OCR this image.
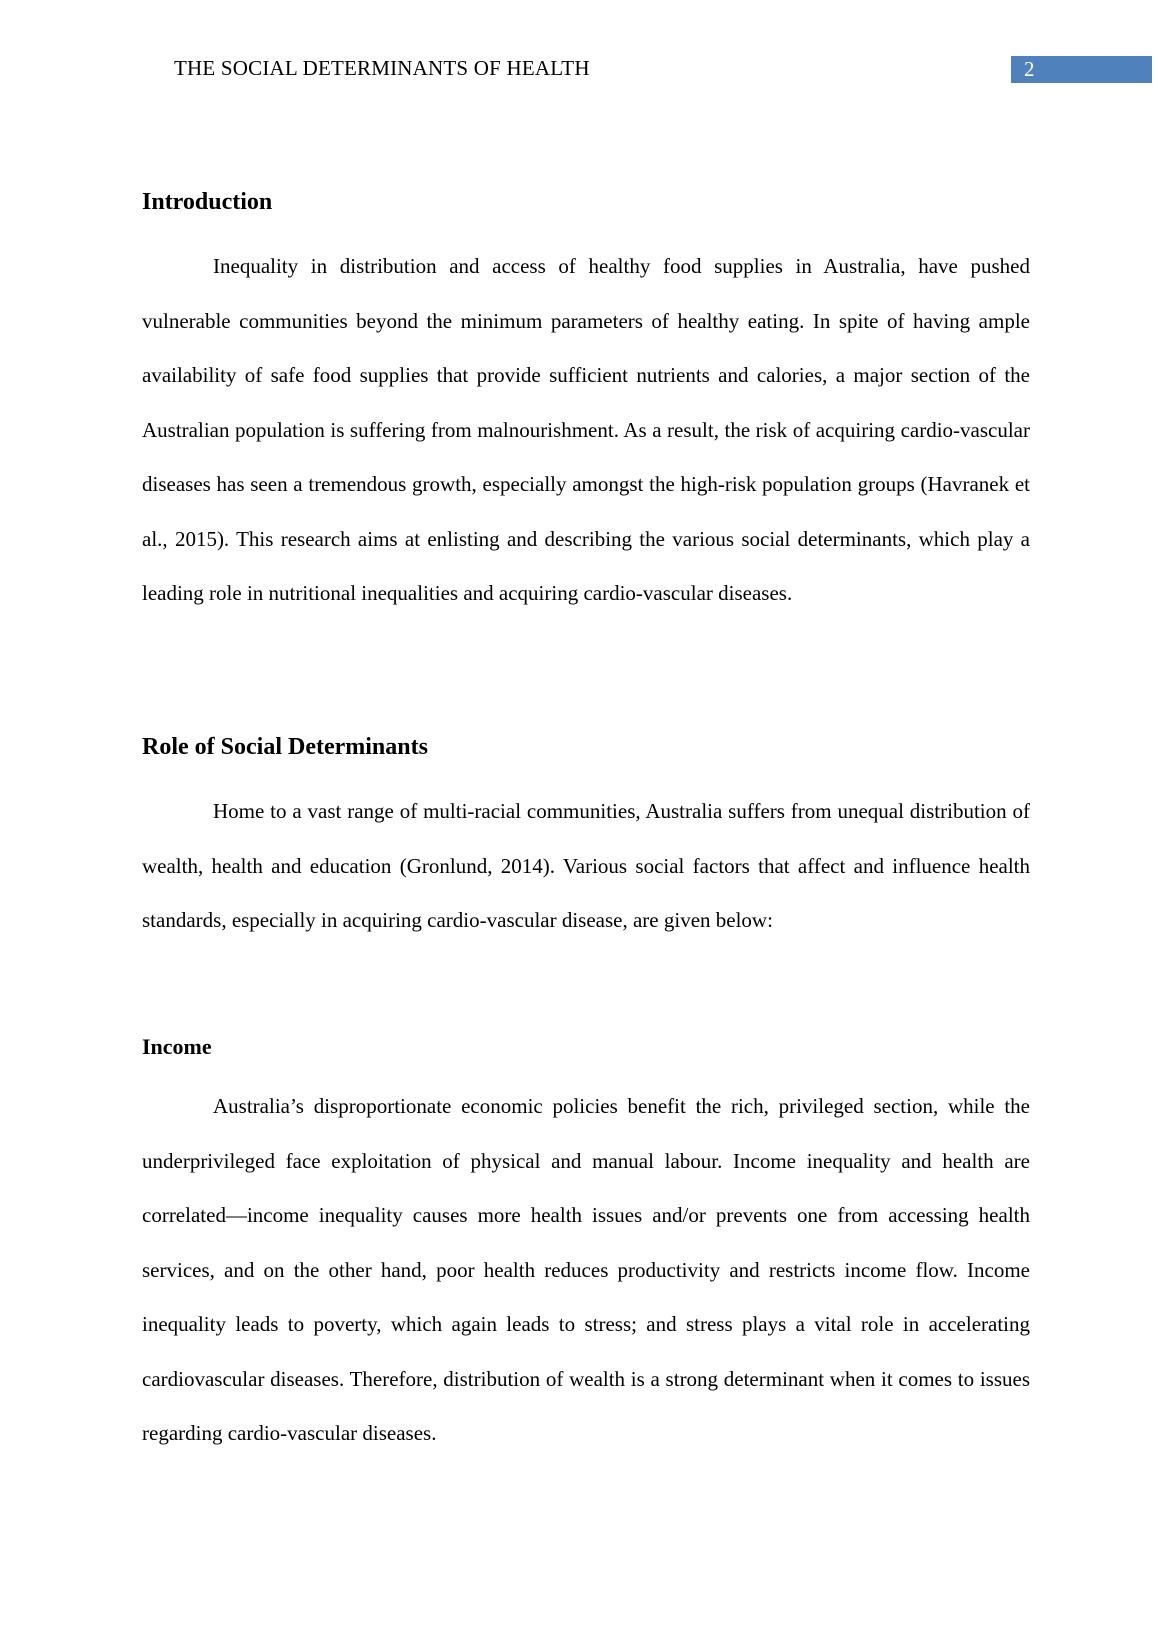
THE SOCIAL DETERMINANTS OF HEALTH	2
Introduction

Inequality in distribution and access of healthy food supplies in Australia, have pushed vulnerable communities beyond the minimum parameters of healthy eating. In spite of having ample availability of safe food supplies that provide sufficient nutrients and calories, a major section of the Australian population is suffering from malnourishment. As a result, the risk of acquiring cardio-vascular diseases has seen a tremendous growth, especially amongst the high-risk population groups (Havranek et al., 2015). This research aims at enlisting and describing the various social determinants, which play a leading role in nutritional inequalities and acquiring cardio-vascular diseases.

Role of Social Determinants

Home to a vast range of multi-racial communities, Australia suffers from unequal distribution of wealth, health and education (Gronlund, 2014). Various social factors that affect and influence health standards, especially in acquiring cardio-vascular disease, are given below:

Income

Australia’s disproportionate economic policies benefit the rich, privileged section, while the underprivileged face exploitation of physical and manual labour. Income inequality and health are correlated—income inequality causes more health issues and/or prevents one from accessing health services, and on the other hand, poor health reduces productivity and restricts income flow. Income inequality leads to poverty, which again leads to stress; and stress plays a vital role in accelerating cardiovascular diseases. Therefore, distribution of wealth is a strong determinant when it comes to issues regarding cardio-vascular diseases.
